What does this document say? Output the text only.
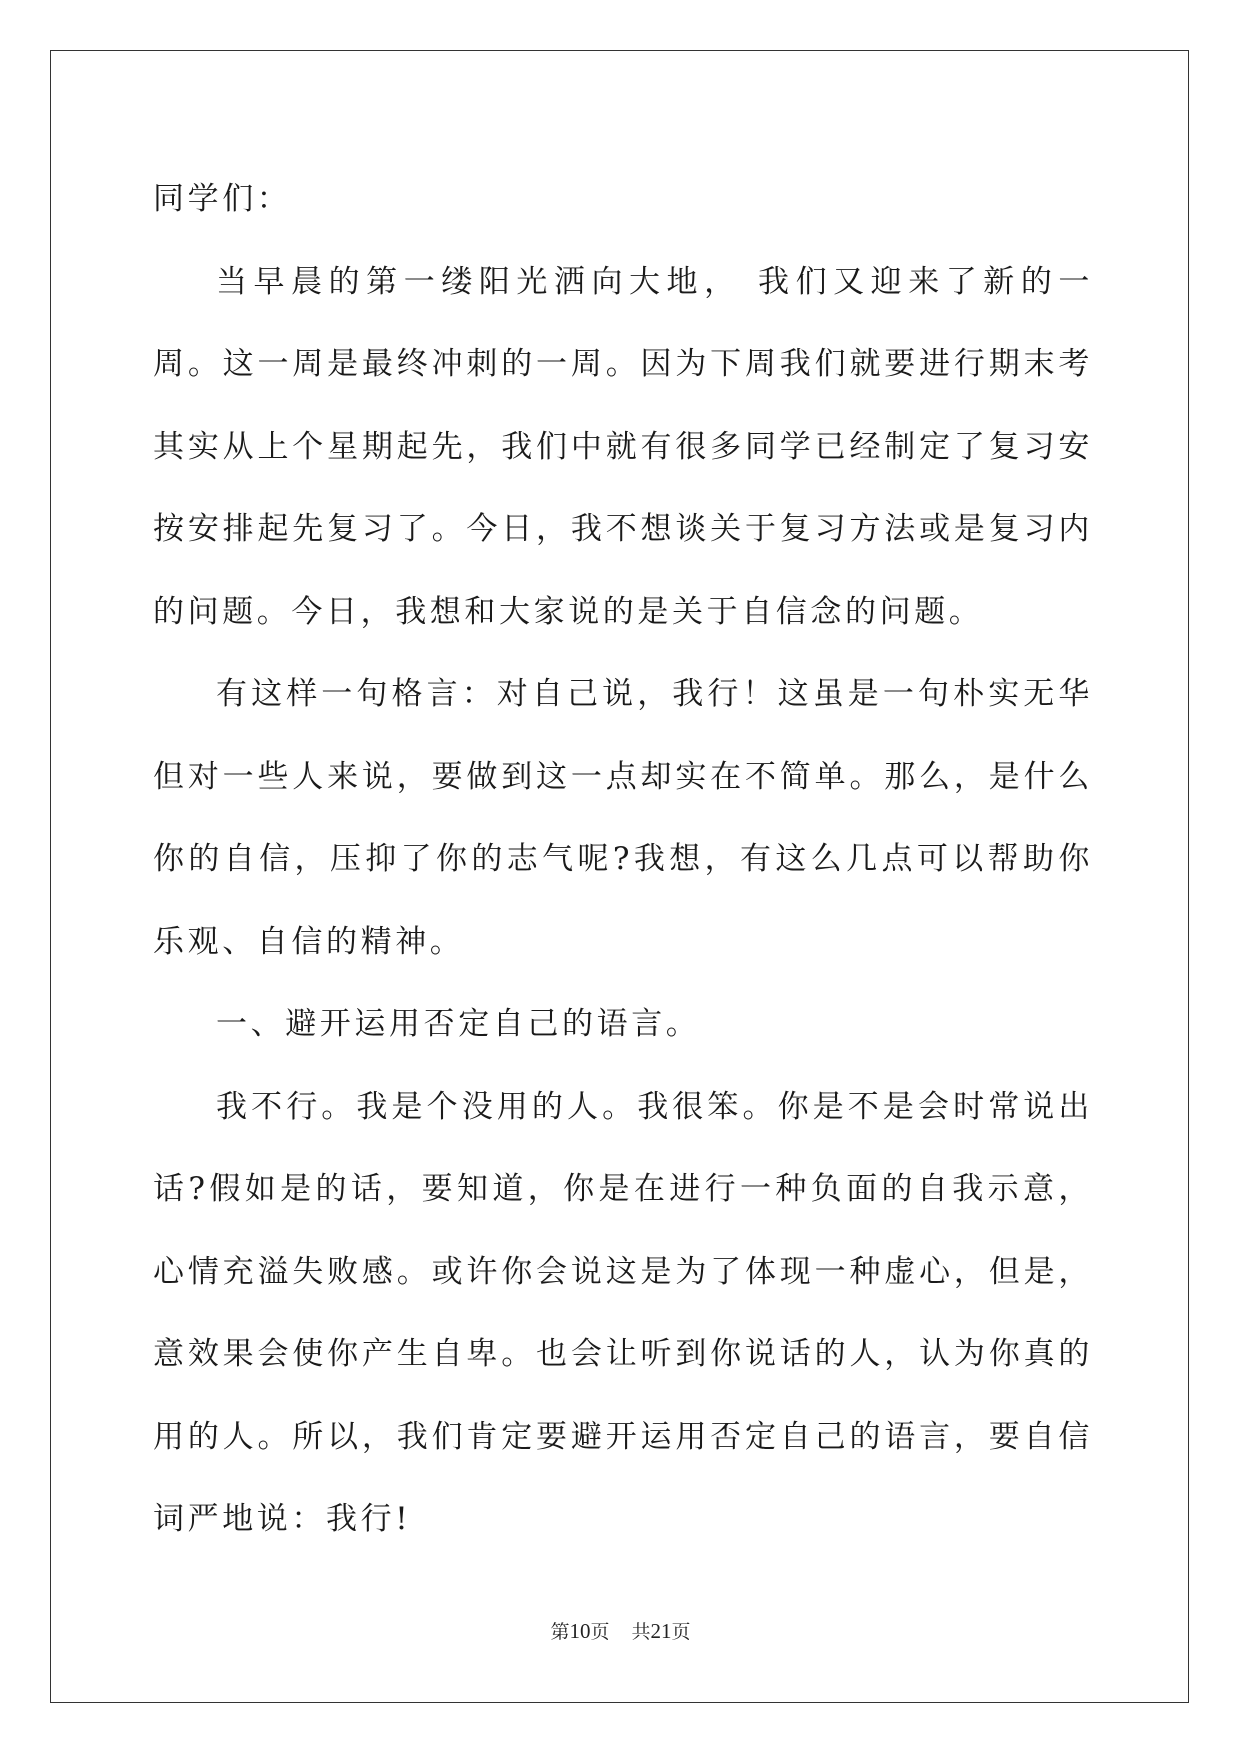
同学们：

当早晨的第一缕阳光洒向大地， 我们又迎来了新的一

周。这一周是最终冲刺的一周。因为下周我们就要进行期末考

其实从上个星期起先，我们中就有很多同学已经制定了复习安

按安排起先复习了。今日，我不想谈关于复习方法或是复习内

的问题。今日，我想和大家说的是关于自信念的问题。

有这样一句格言：对自己说，我行！这虽是一句朴实无华

但对一些人来说，要做到这一点却实在不简单。那么，是什么

你的自信，压抑了你的志气呢?我想，有这么几点可以帮助你

乐观、自信的精神。

一、避开运用否定自己的语言。

我不行。我是个没用的人。我很笨。你是不是会时常说出

话?假如是的话，要知道，你是在进行一种负面的自我示意，

心情充溢失败感。或许你会说这是为了体现一种虚心，但是，

意效果会使你产生自卑。也会让听到你说话的人，认为你真的

用的人。所以，我们肯定要避开运用否定自己的语言，要自信

词严地说：我行!

第10页 共21页
